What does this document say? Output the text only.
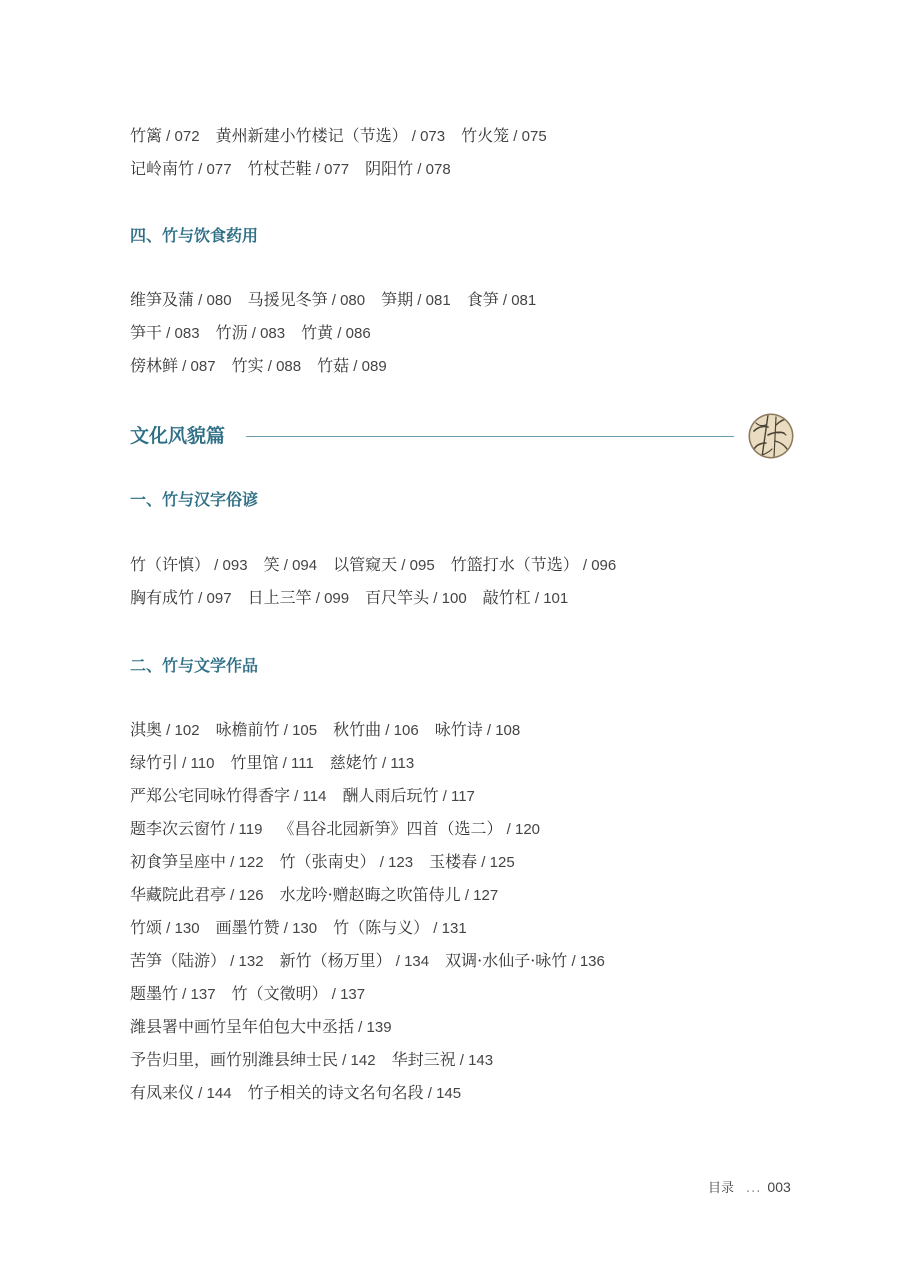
竹篱 / 072 黄州新建小竹楼记（节选） / 073 竹火笼 / 075
记岭南竹 / 077 竹杖芒鞋 / 077 阴阳竹 / 078
四、竹与饮食药用
维笋及蒲 / 080 马援见冬笋 / 080 笋期 / 081 食笋 / 081
笋干 / 083 竹沥 / 083 竹黄 / 086
傍林鲜 / 087 竹实 / 088 竹菇 / 089
文化风貌篇
一、竹与汉字俗谚
竹（许慎） / 093 笑 / 094 以管窥天 / 095 竹篮打水（节选） / 096
胸有成竹 / 097 日上三竿 / 099 百尺竿头 / 100 敲竹杠 / 101
二、竹与文学作品
淇奥 / 102 咏檐前竹 / 105 秋竹曲 / 106 咏竹诗 / 108
绿竹引 / 110 竹里馆 / 111 慈姥竹 / 113
严郑公宅同咏竹得香字 / 114 酬人雨后玩竹 / 117
题李次云窗竹 / 119 《昌谷北园新笋》四首（选二） / 120
初食笋呈座中 / 122 竹（张南史） / 123 玉楼春 / 125
华藏院此君亭 / 126 水龙吟·赠赵晦之吹笛侍儿 / 127
竹颂 / 130 画墨竹赞 / 130 竹（陈与义） / 131
苦笋（陆游） / 132 新竹（杨万里） / 134 双调·水仙子·咏竹 / 136
题墨竹 / 137 竹（文徵明） / 137
潍县署中画竹呈年伯包大中丞括 / 139
予告归里，画竹别潍县绅士民 / 142 华封三祝 / 143
有凤来仪 / 144 竹子相关的诗文名句名段 / 145
目录 ... 003
